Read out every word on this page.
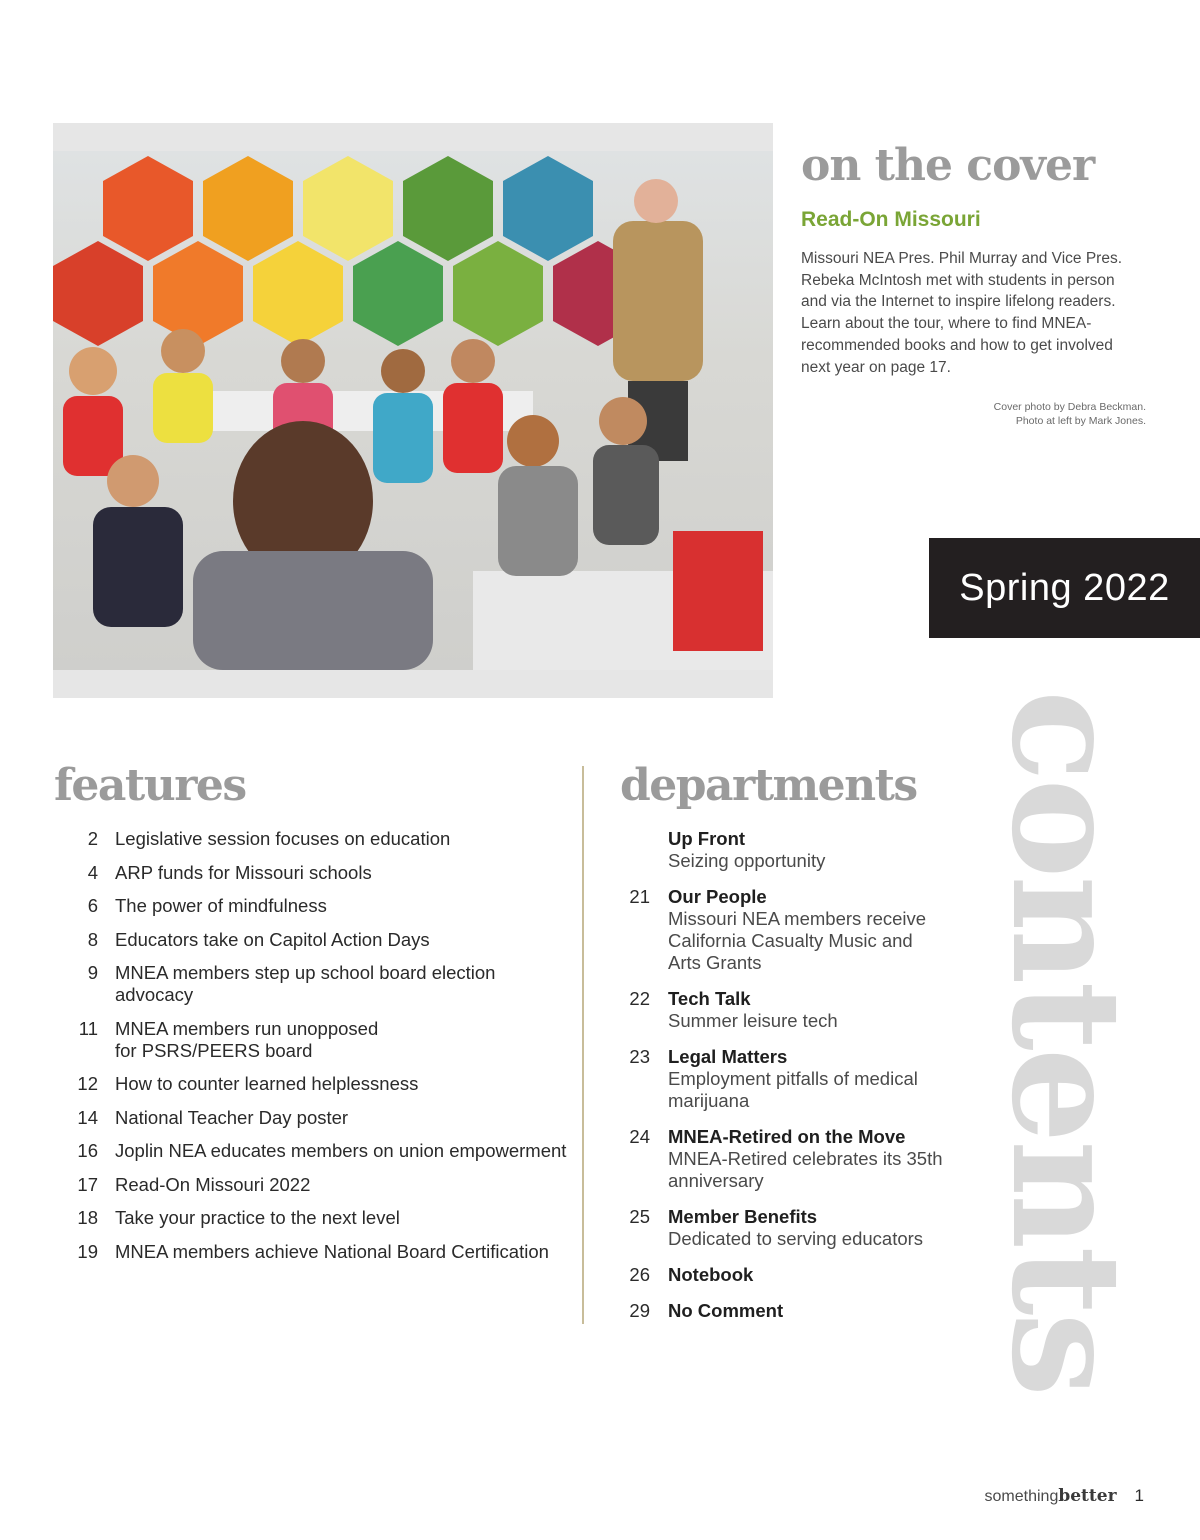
on the cover
Read-On Missouri

Missouri NEA Pres. Phil Murray and Vice Pres. Rebeka McIntosh met with students in person and via the Internet to inspire lifelong readers. Learn about the tour, where to find MNEA-recommended books and how to get involved next year on page 17.

Cover photo by Debra Beckman.
Photo at left by Mark Jones.
Spring 2022
contents
features
2 Legislative session focuses on education
4 ARP funds for Missouri schools
6 The power of mindfulness
8 Educators take on Capitol Action Days
9 MNEA members step up school board election advocacy
11 MNEA members run unopposed
for PSRS/PEERS board
12 How to counter learned helplessness
14 National Teacher Day poster
16 Joplin NEA educates members on union empowerment
17 Read-On Missouri 2022
18 Take your practice to the next level
19 MNEA members achieve National Board Certification
departments
Up Front
Seizing opportunity
21 Our People
Missouri NEA members receive California Casualty Music and Arts Grants
22 Tech Talk
Summer leisure tech
23 Legal Matters
Employment pitfalls of medical marijuana
24 MNEA-Retired on the Move
MNEA-Retired celebrates its 35th anniversary
25 Member Benefits
Dedicated to serving educators
26 Notebook
29 No Comment
something better 1
